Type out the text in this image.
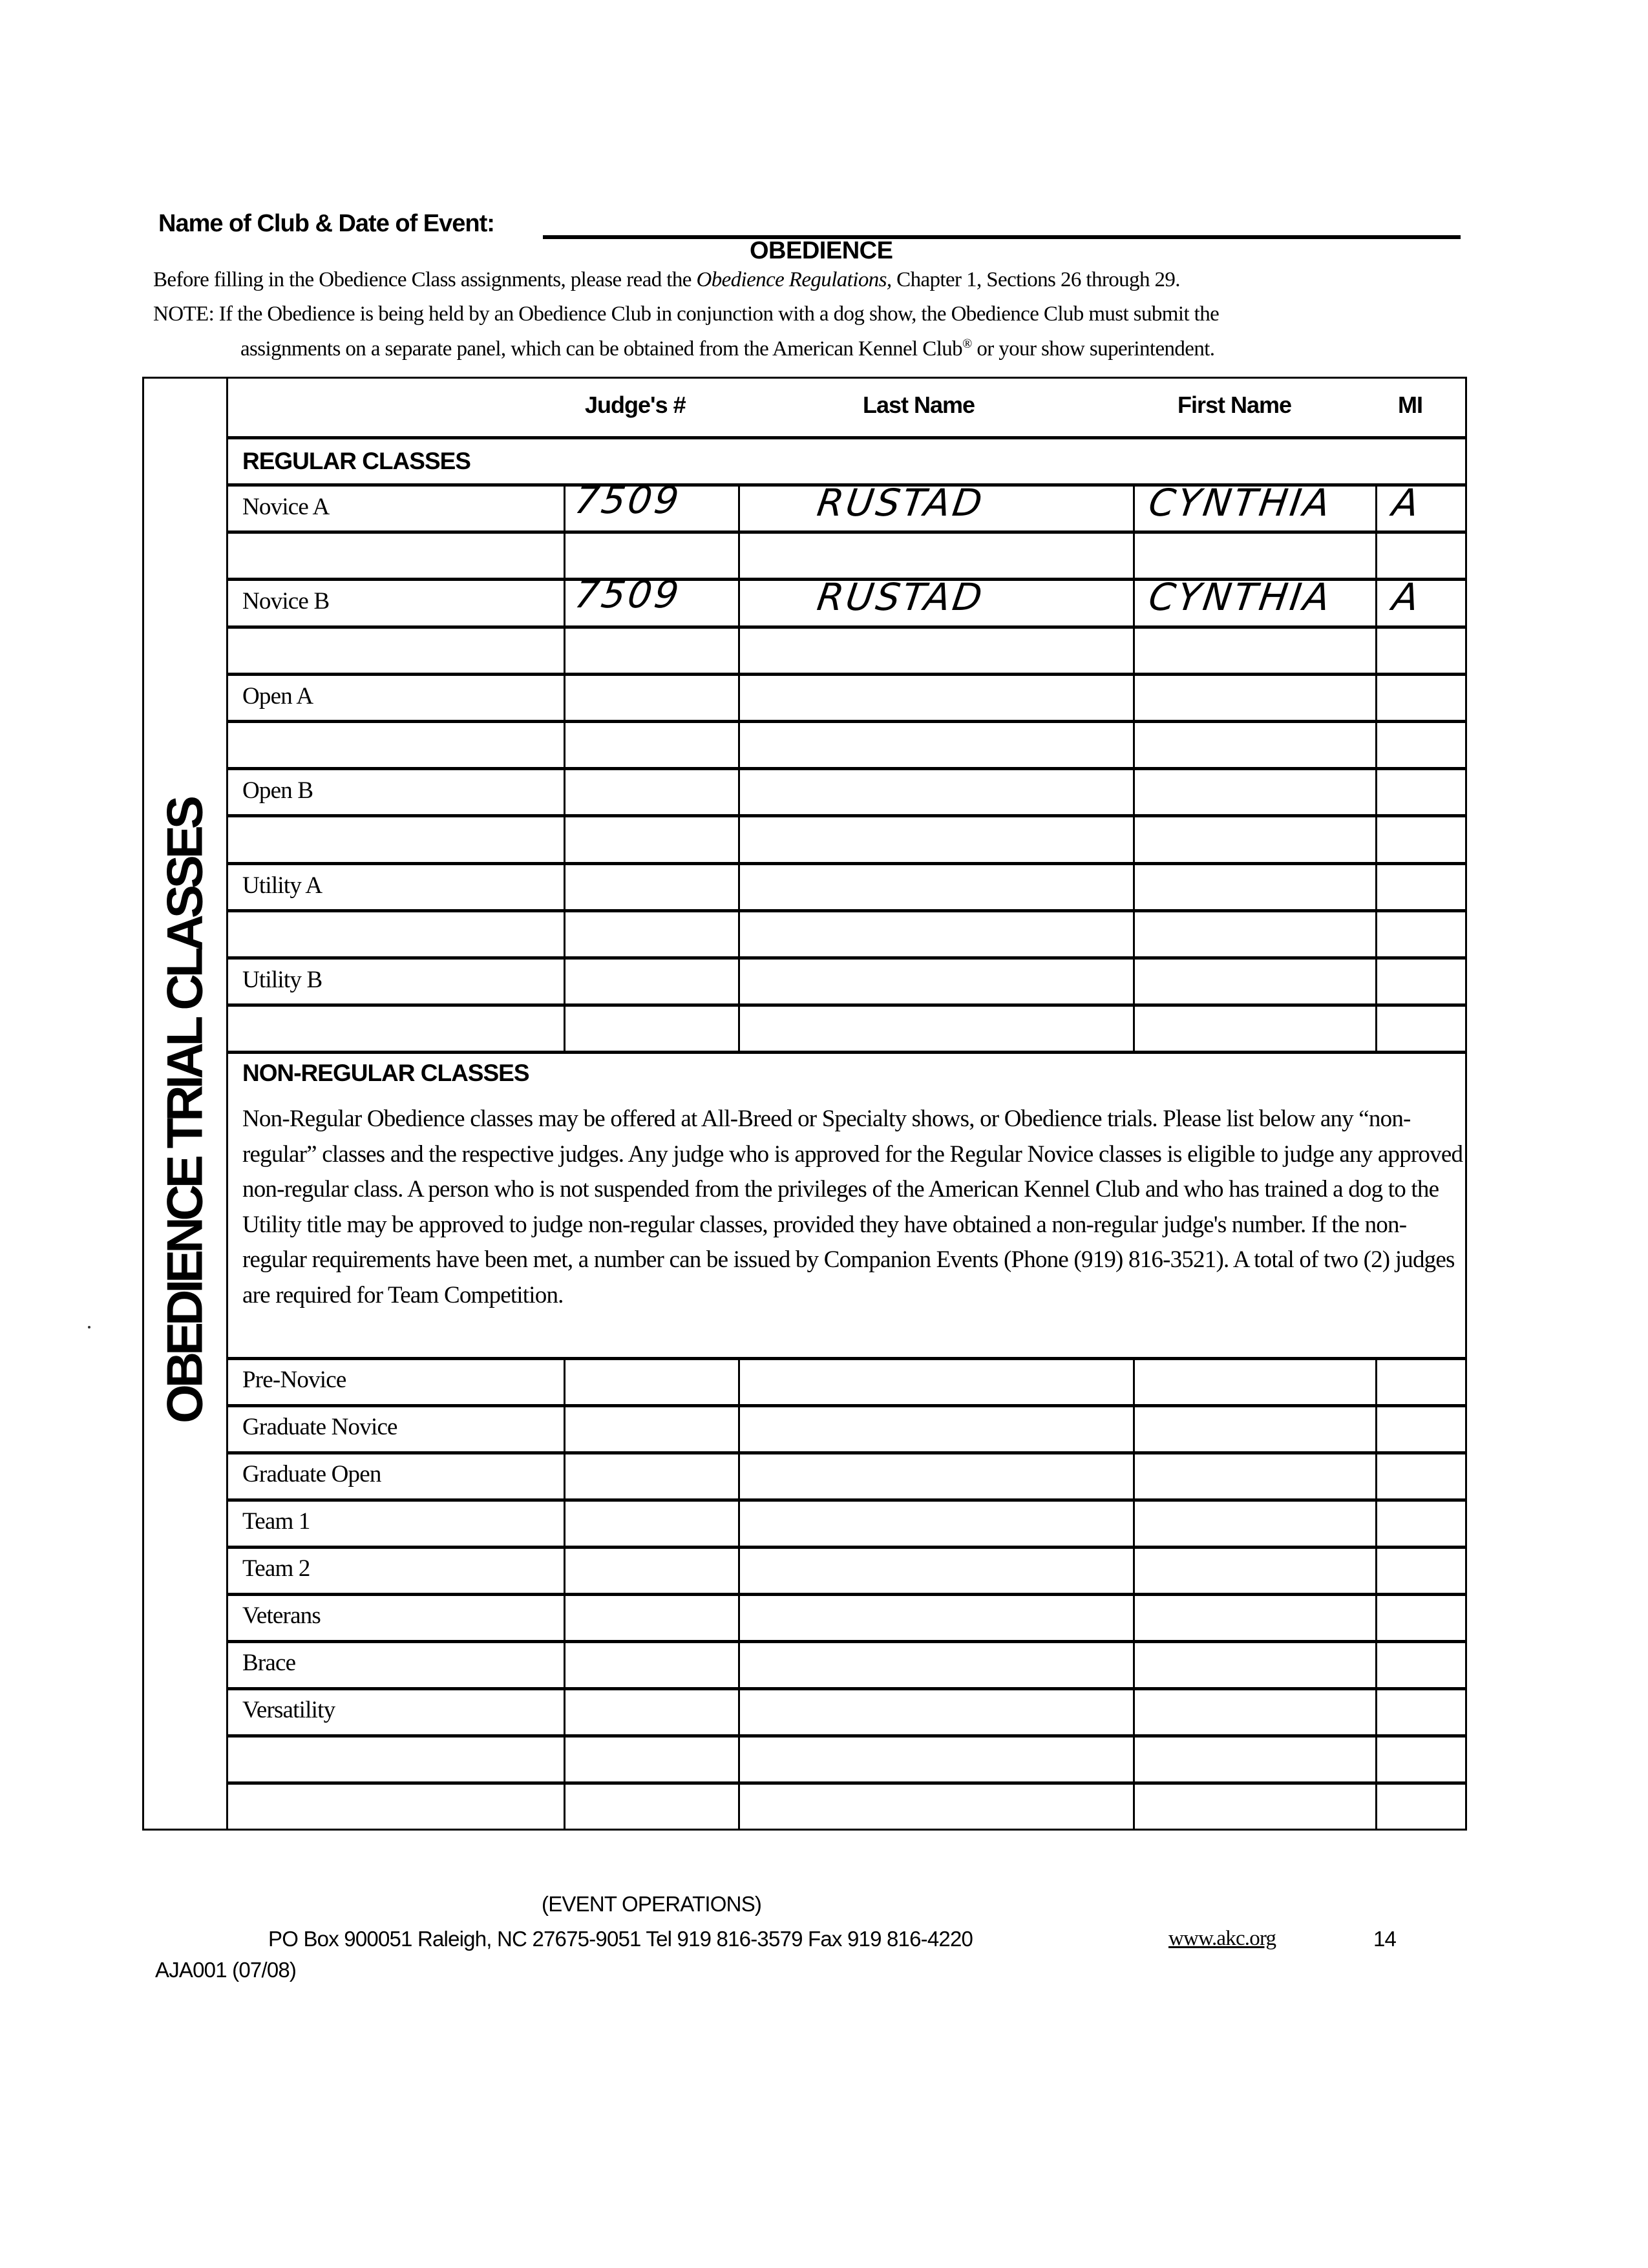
Name of Club & Date of Event:
OBEDIENCE
Before filling in the Obedience Class assignments, please read the Obedience Regulations, Chapter 1, Sections 26 through 29.
NOTE: If the Obedience is being held by an Obedience Club in conjunction with a dog show, the Obedience Club must submit the
assignments on a separate panel, which can be obtained from the American Kennel Club® or your show superintendent.
OBEDIENCE TRIAL CLASSES
Judge's #	Last Name	First Name	MI
REGULAR CLASSES
NON-REGULAR CLASSES
Non-Regular Obedience classes may be offered at All-Breed or Specialty shows, or Obedience trials. Please list below any “non-regular” classes and the respective judges. Any judge who is approved for the Regular Novice classes is eligible to judge any approved non-regular class. A person who is not suspended from the privileges of the American Kennel Club and who has trained a dog to the Utility title may be approved to judge non-regular classes, provided they have obtained a non-regular judge's number. If the non-regular requirements have been met, a number can be issued by Companion Events (Phone (919) 816-3521). A total of two (2) judges are required for Team Competition.
(EVENT OPERATIONS)
PO Box 900051 Raleigh, NC 27675-9051 Tel 919 816-3579 Fax 919 816-4220	www.akc.org	14
AJA001 (07/08)
Novice A	7509	RUSTAD	CYNTHIA A
Novice B	7509	RUSTAD	CYNTHIA A
Open A
Open B
Utility A
Utility B
Pre-Novice
Graduate Novice
Graduate Open
Team 1
Team 2
Veterans
Brace
Versatility
